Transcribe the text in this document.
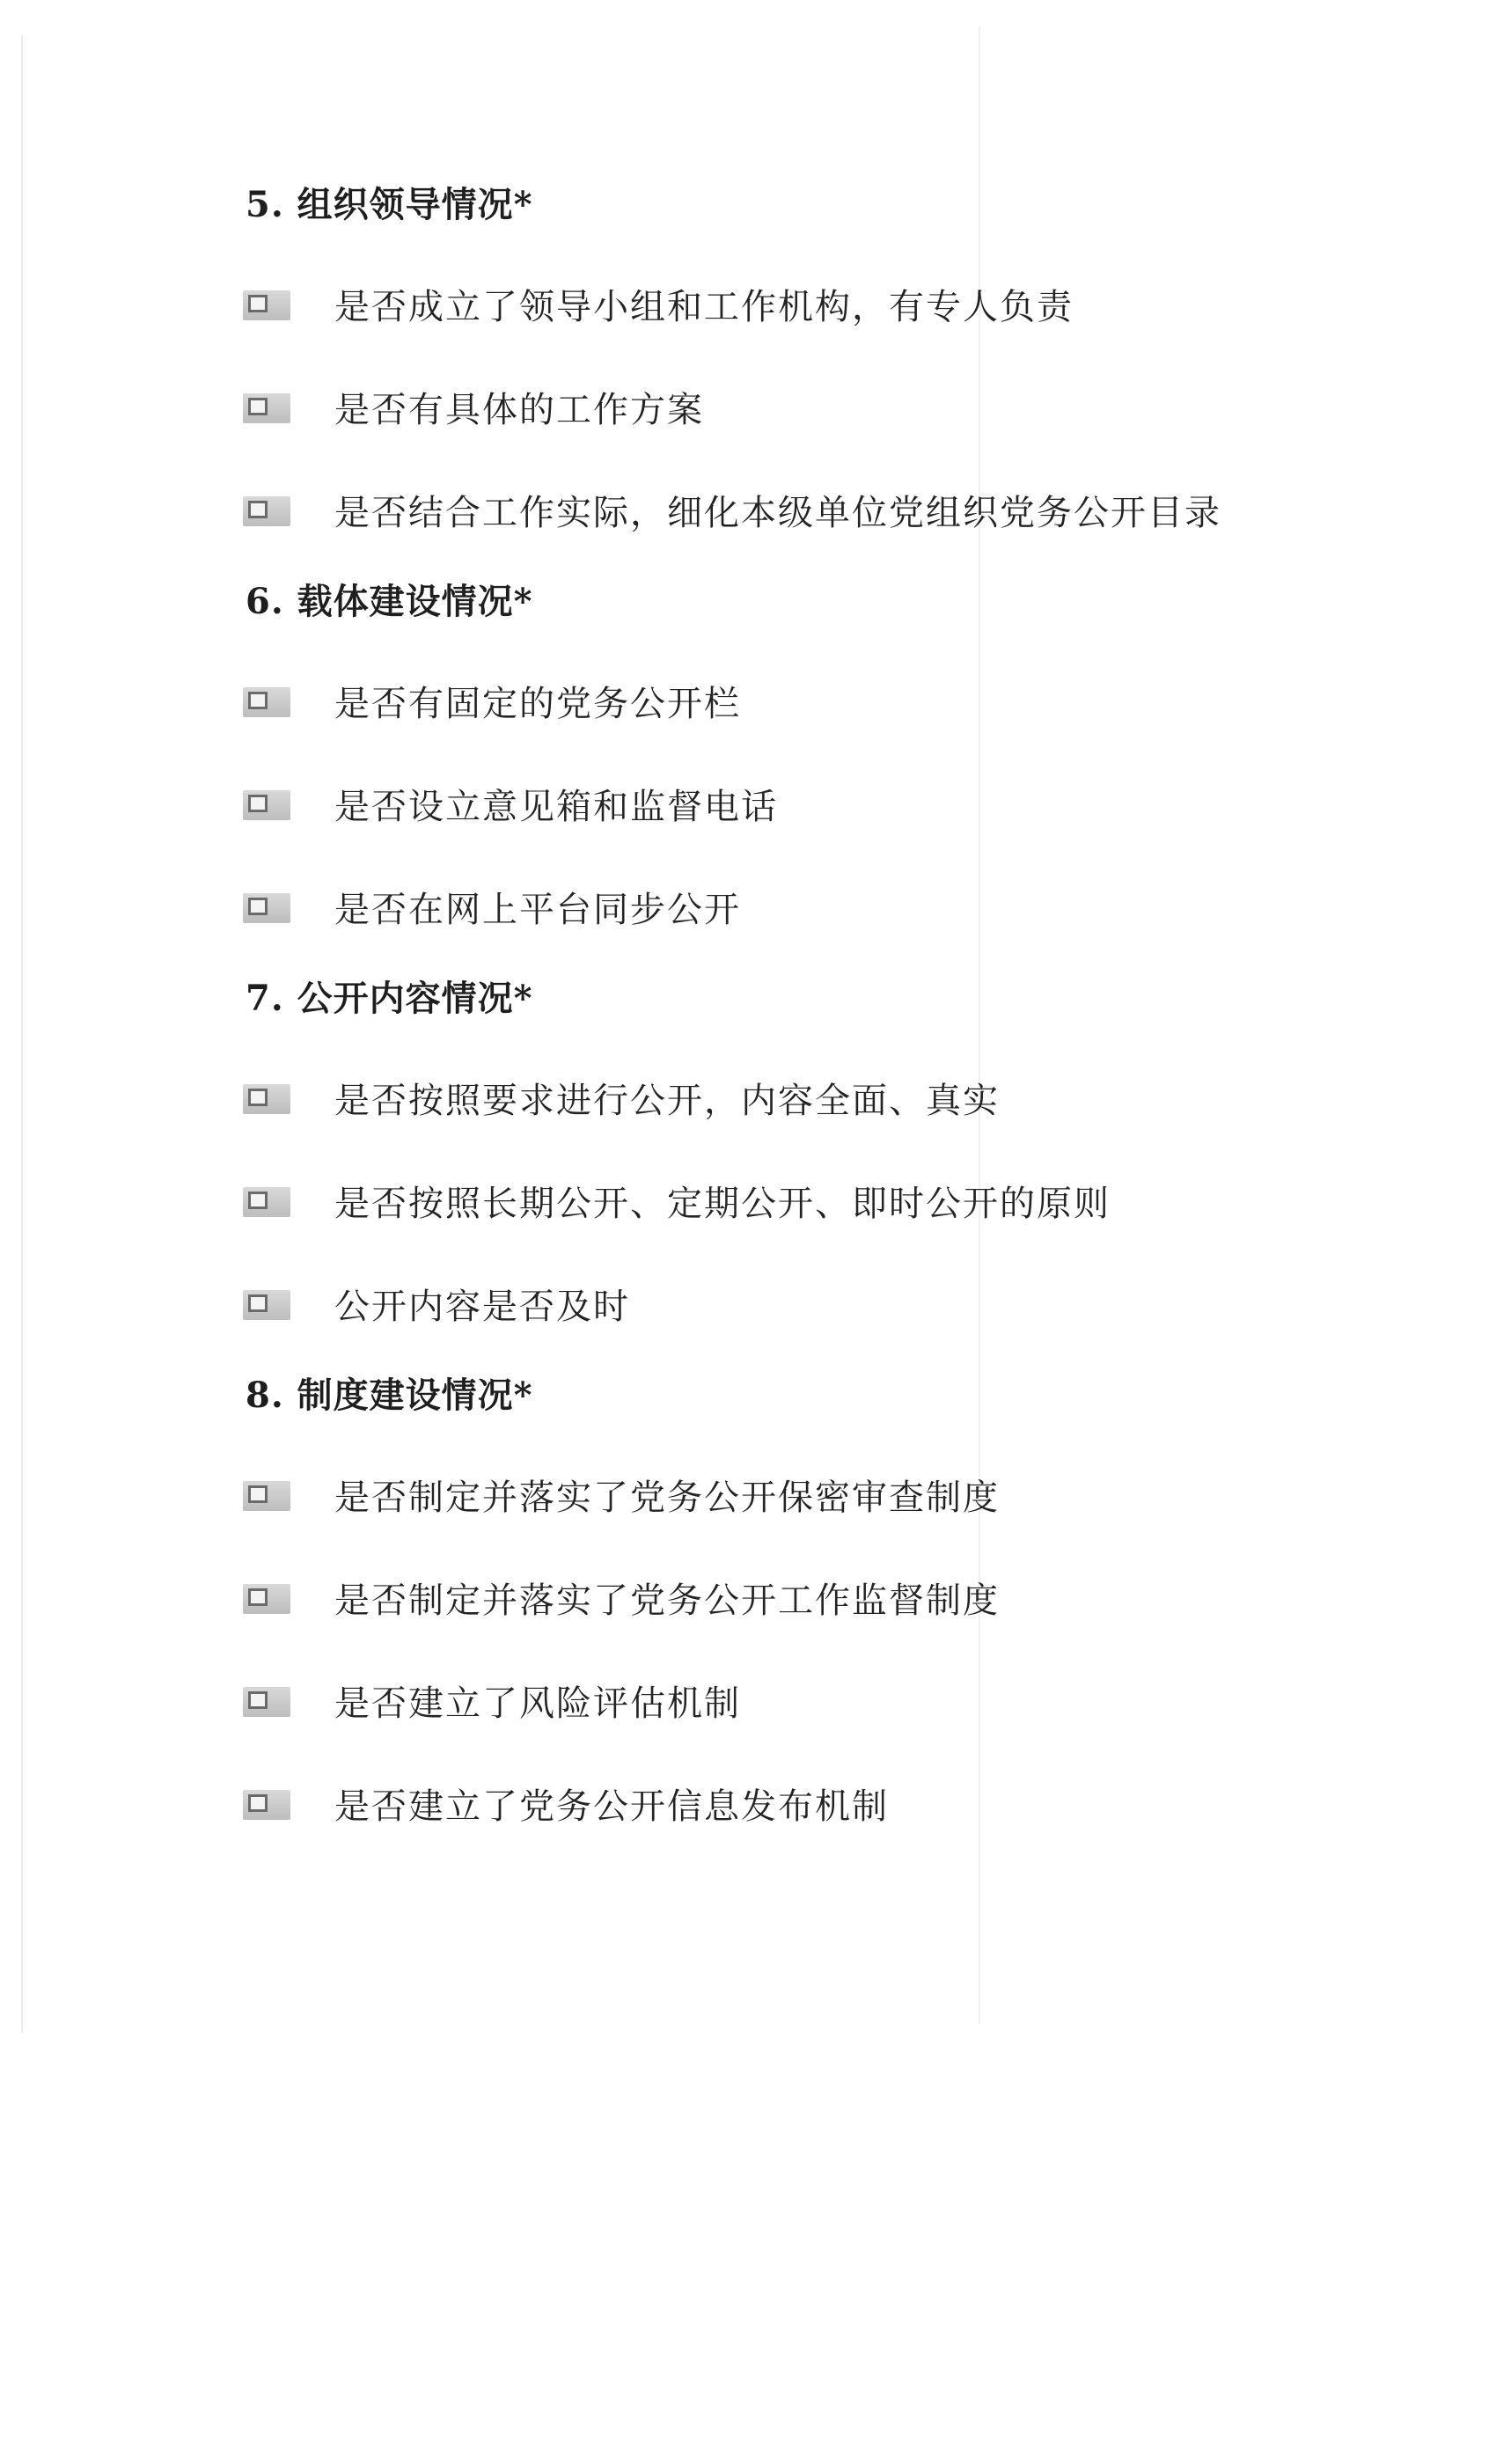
5. 组织领导情况*
是否成立了领导小组和工作机构，有专人负责
是否有具体的工作方案
是否结合工作实际，细化本级单位党组织党务公开目录
6. 载体建设情况*
是否有固定的党务公开栏
是否设立意见箱和监督电话
是否在网上平台同步公开
7. 公开内容情况*
是否按照要求进行公开，内容全面、真实
是否按照长期公开、定期公开、即时公开的原则
公开内容是否及时
8. 制度建设情况*
是否制定并落实了党务公开保密审查制度
是否制定并落实了党务公开工作监督制度
是否建立了风险评估机制
是否建立了党务公开信息发布机制
